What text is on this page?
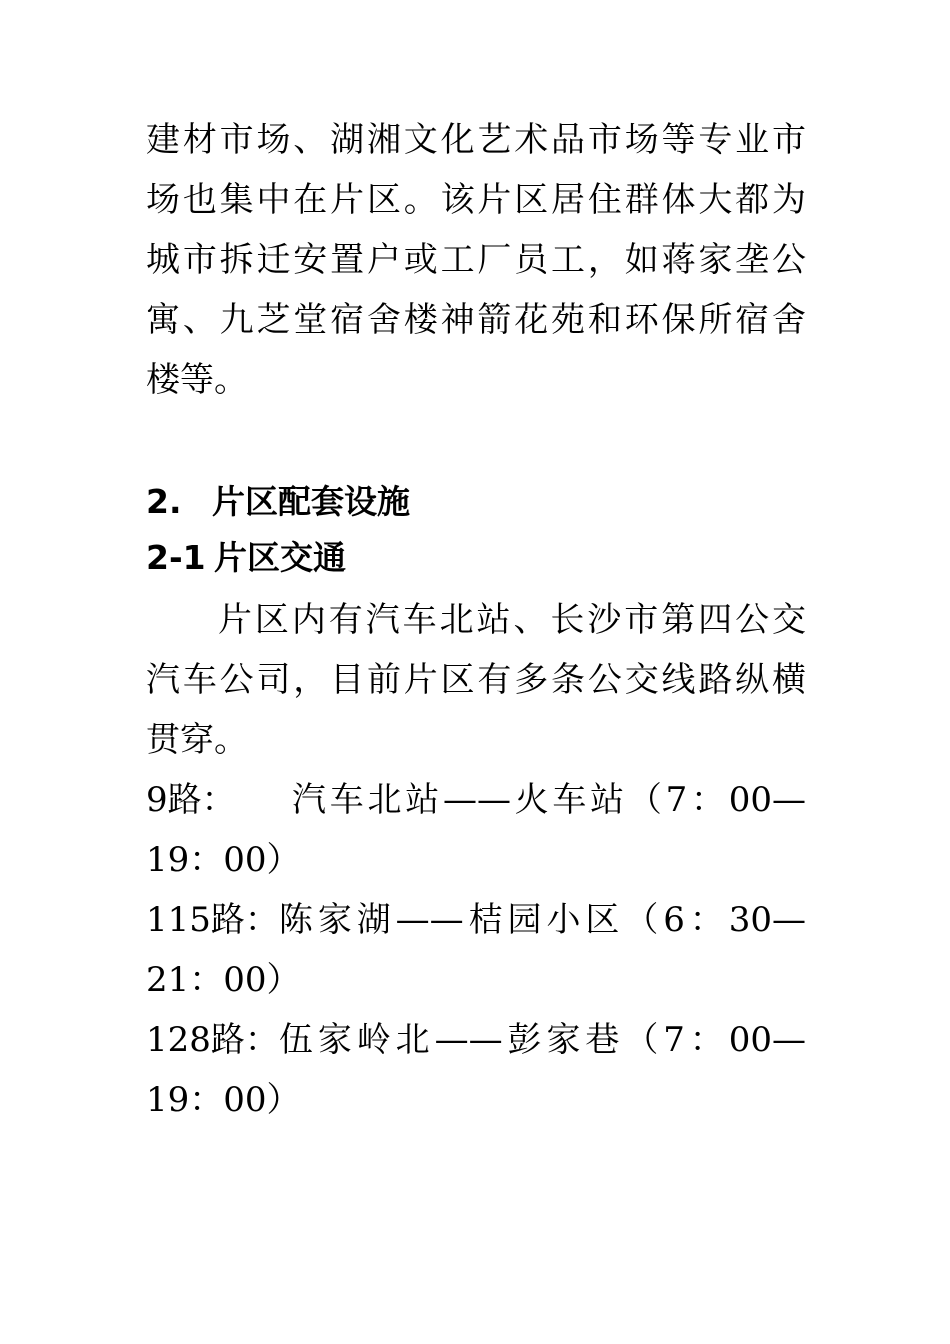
建材市场、湖湘文化艺术品市场等专业市
场也集中在片区。该片区居住群体大都为
城市拆迁安置户或工厂员工，如蒋家垄公
寓、九芝堂宿舍楼神箭花苑和环保所宿舍
楼等。
2. 片区配套设施
2-1 片区交通
片区内有汽车北站、长沙市第四公交
汽车公司，目前片区有多条公交线路纵横
贯穿。
9路：	汽车北站——火车站（7：00—
19：00）
115路： 陈家湖——桔园小区（6：30—
21：00）
128路： 伍家岭北——彭家巷（7：00—
19：00）
